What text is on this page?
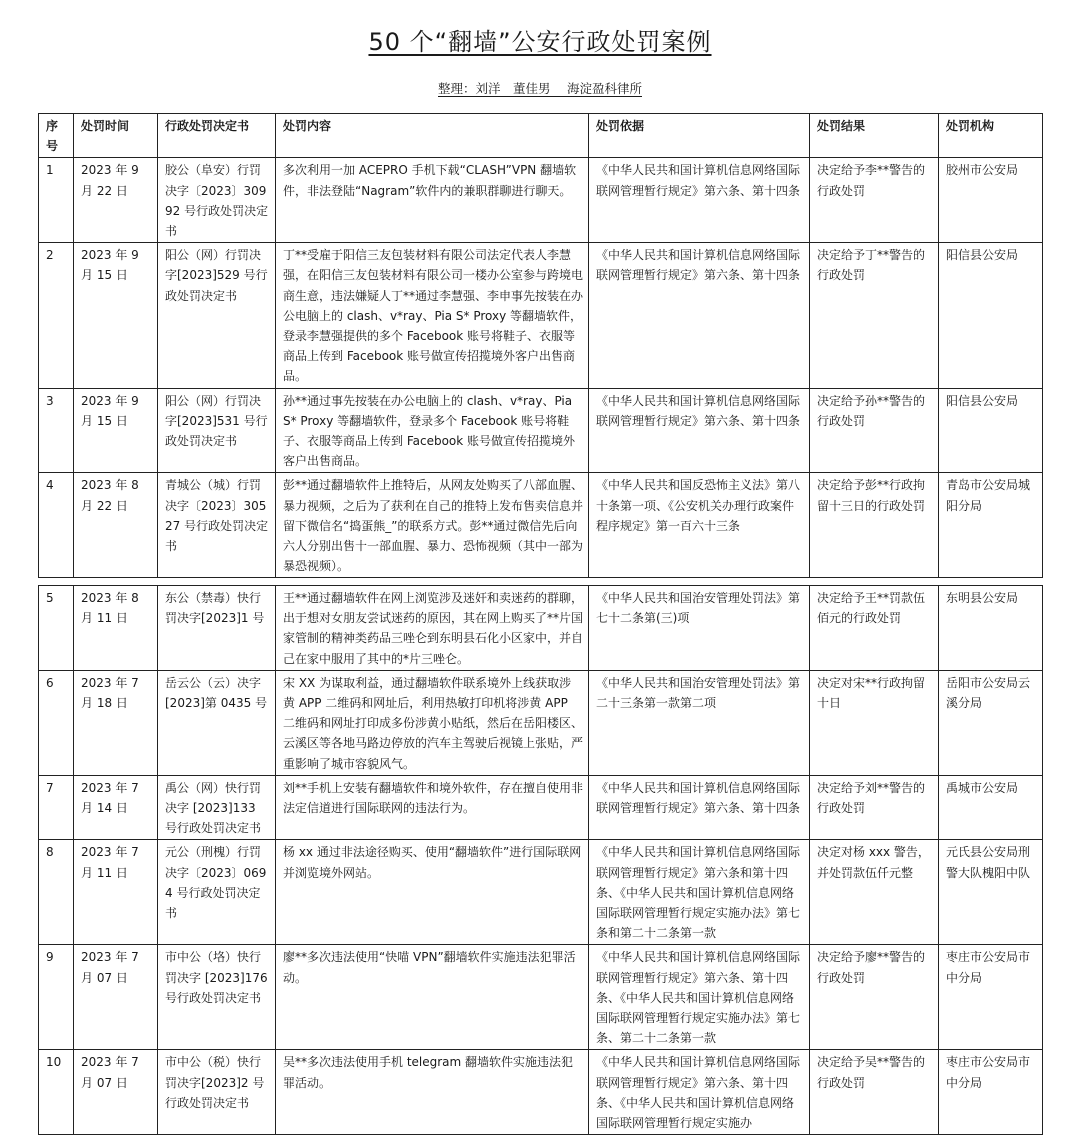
50 个“翻墙”公安行政处罚案例
整理：刘洋　董佳男　 海淀盈科律所
序号	处罚时间	行政处罚决定书	处罚内容	处罚依据	处罚结果	处罚机构
1	2023 年 9 月 22 日	胶公（阜安）行罚决字〔2023〕30992 号行政处罚决定书	多次利用一加 ACEPRO 手机下载“CLASH”VPN 翻墙软件，非法登陆“Nagram”软件内的兼职群聊进行聊天。	《中华人民共和国计算机信息网络国际联网管理暂行规定》第六条、第十四条	决定给予李**警告的行政处罚	胶州市公安局
2	2023 年 9 月 15 日	阳公（网）行罚决字[2023]529 号行政处罚决定书	丁**受雇于阳信三友包装材料有限公司法定代表人李慧强，在阳信三友包装材料有限公司一楼办公室参与跨境电商生意，违法嫌疑人丁**通过李慧强、李申事先按装在办公电脑上的 clash、v*ray、Pia S* Proxy 等翻墙软件，登录李慧强提供的多个 Facebook 账号将鞋子、衣服等商品上传到 Facebook 账号做宣传招揽境外客户出售商品。	《中华人民共和国计算机信息网络国际联网管理暂行规定》第六条、第十四条	决定给予丁**警告的行政处罚	阳信县公安局
3	2023 年 9 月 15 日	阳公（网）行罚决字[2023]531 号行政处罚决定书	孙**通过事先按装在办公电脑上的 clash、v*ray、Pia S* Proxy 等翻墙软件，登录多个 Facebook 账号将鞋子、衣服等商品上传到 Facebook 账号做宣传招揽境外客户出售商品。	《中华人民共和国计算机信息网络国际联网管理暂行规定》第六条、第十四条	决定给予孙**警告的行政处罚	阳信县公安局
4	2023 年 8 月 22 日	青城公（城）行罚决字〔2023〕30527 号行政处罚决定书	彭**通过翻墙软件上推特后，从网友处购买了八部血腥、暴力视频，之后为了获利在自己的推特上发布售卖信息并留下微信名“捣蛋熊_”的联系方式。彭**通过微信先后向六人分别出售十一部血腥、暴力、恐怖视频（其中一部为暴恐视频）。	《中华人民共和国反恐怖主义法》第八十条第一项、《公安机关办理行政案件程序规定》第一百六十三条	决定给予彭**行政拘留十三日的行政处罚	青岛市公安局城阳分局
5	2023 年 8 月 11 日	东公（禁毒）快行罚决字[2023]1 号	王**通过翻墙软件在网上浏览涉及迷奸和卖迷药的群聊，出于想对女朋友尝试迷药的原因，其在网上购买了**片国家管制的精神类药品三唑仑到东明县石化小区家中，并自己在家中服用了其中的*片三唑仑。	《中华人民共和国治安管理处罚法》第七十二条第(三)项	决定给予王**罚款伍佰元的行政处罚	东明县公安局
6	2023 年 7 月 18 日	岳云公（云）决字[2023]第 0435 号	宋 XX 为谋取利益，通过翻墙软件联系境外上线获取涉黄 APP 二维码和网址后，利用热敏打印机将涉黄 APP 二维码和网址打印成多份涉黄小贴纸，然后在岳阳楼区、云溪区等各地马路边停放的汽车主驾驶后视镜上张贴，严重影响了城市容貌风气。	《中华人民共和国治安管理处罚法》第二十三条第一款第二项	决定对宋**行政拘留十日	岳阳市公安局云溪分局
7	2023 年 7 月 14 日	禹公（网）快行罚决字 [2023]133 号行政处罚决定书	刘**手机上安装有翻墙软件和境外软件，存在擅自使用非法定信道进行国际联网的违法行为。	《中华人民共和国计算机信息网络国际联网管理暂行规定》第六条、第十四条	决定给予刘**警告的行政处罚	禹城市公安局
8	2023 年 7 月 11 日	元公（刑槐）行罚决字〔2023〕0694 号行政处罚决定书	杨 xx 通过非法途径购买、使用“翻墙软件”进行国际联网并浏览境外网站。	《中华人民共和国计算机信息网络国际联网管理暂行规定》第六条和第十四条、《中华人民共和国计算机信息网络国际联网管理暂行规定实施办法》第七条和第二十二条第一款	决定对杨 xxx 警告，并处罚款伍仟元整	元氏县公安局刑警大队槐阳中队
9	2023 年 7 月 07 日	市中公（垎）快行罚决字 [2023]176 号行政处罚决定书	廖**多次违法使用“快喵 VPN”翻墙软件实施违法犯罪活动。	《中华人民共和国计算机信息网络国际联网管理暂行规定》第六条、第十四条、《中华人民共和国计算机信息网络国际联网管理暂行规定实施办法》第七条、第二十二条第一款	决定给予廖**警告的行政处罚	枣庄市公安局市中分局
10	2023 年 7 月 07 日	市中公（税）快行罚决字[2023]2 号行政处罚决定书	吴**多次违法使用手机 telegram 翻墙软件实施违法犯罪活动。	《中华人民共和国计算机信息网络国际联网管理暂行规定》第六条、第十四条、《中华人民共和国计算机信息网络国际联网管理暂行规定实施办	决定给予吴**警告的行政处罚	枣庄市公安局市中分局
